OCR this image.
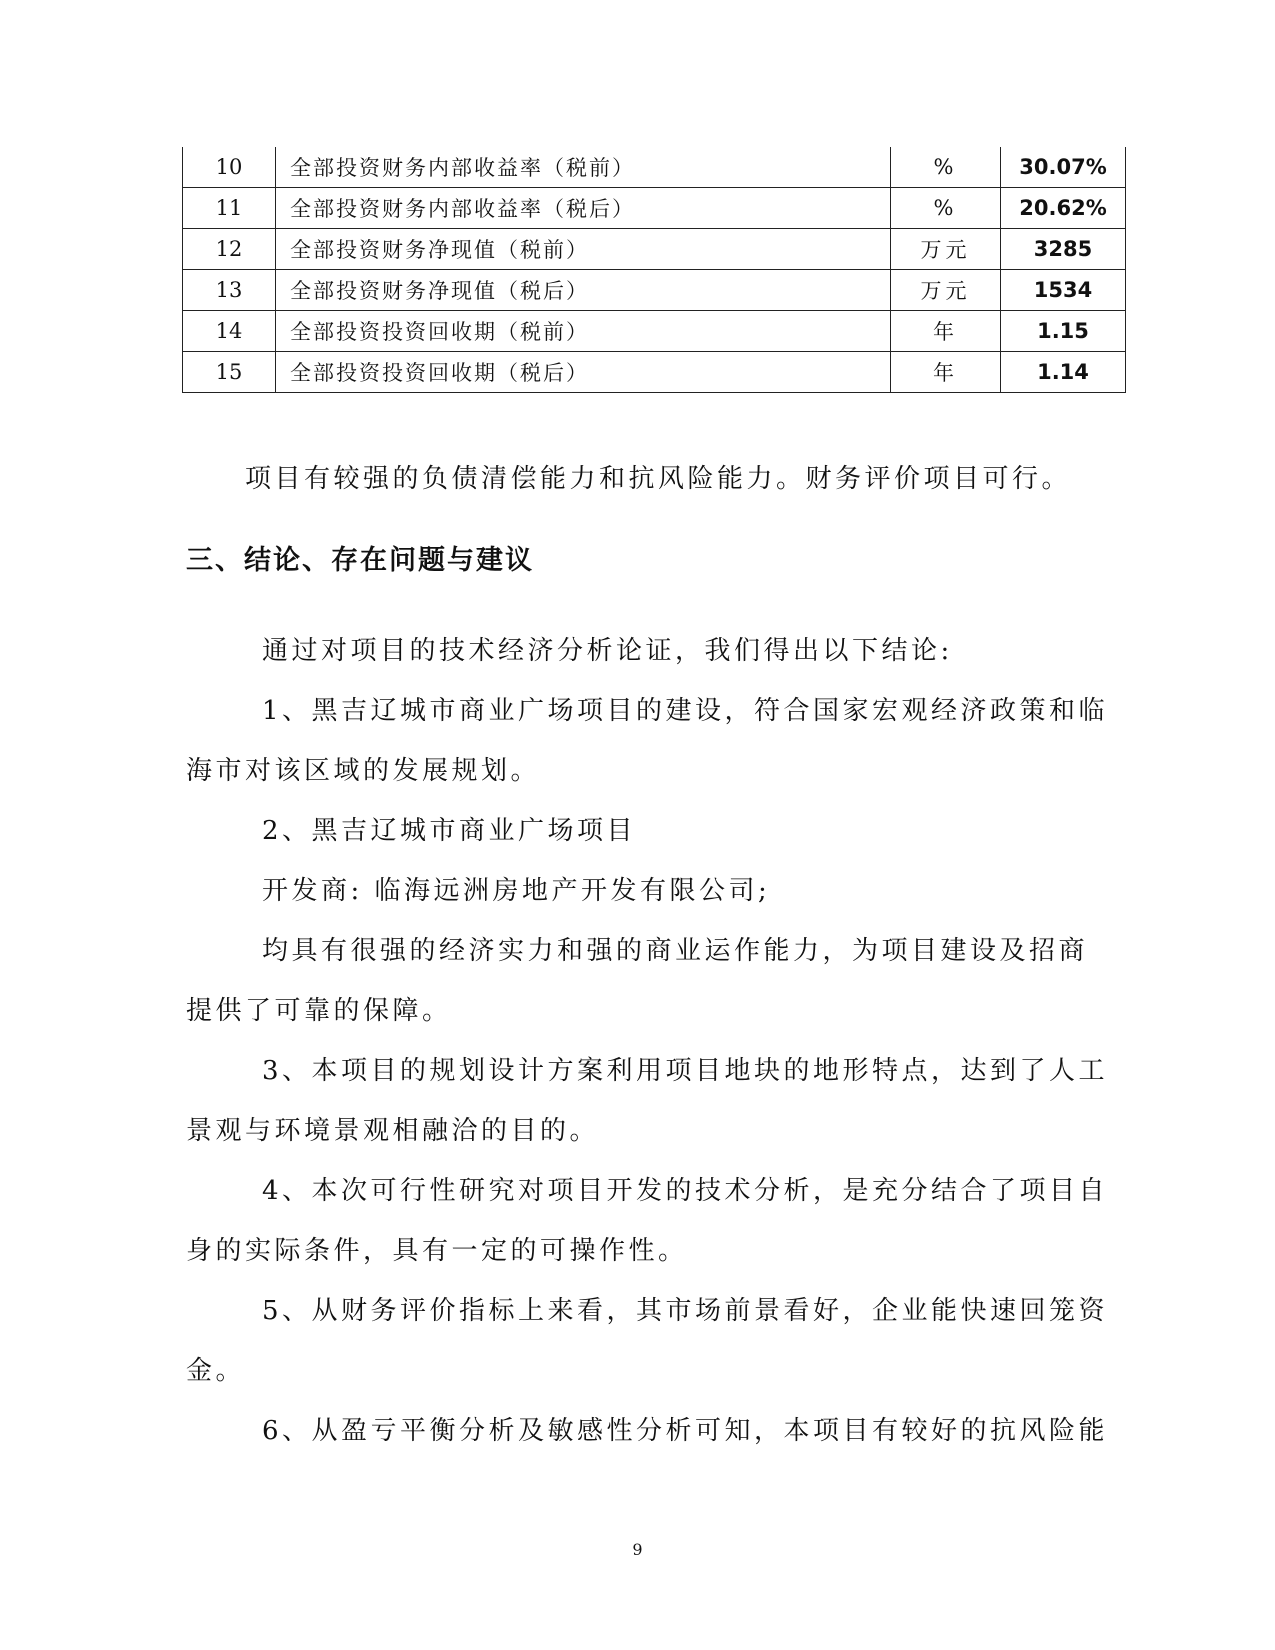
10	全部投资财务内部收益率（税前）	%	30.07%
11	全部投资财务内部收益率（税后）	%	20.62%
12	全部投资财务净现值（税前）	万元	3285
13	全部投资财务净现值（税后）	万元	1534
14	全部投资投资回收期（税前）	年	1.15
15	全部投资投资回收期（税后）	年	1.14

项目有较强的负债清偿能力和抗风险能力。财务评价项目可行。

三、结论、存在问题与建议

通过对项目的技术经济分析论证，我们得出以下结论:

1、黑吉辽城市商业广场项目的建设，符合国家宏观经济政策和临

海市对该区域的发展规划。

2、黑吉辽城市商业广场项目

开发商: 临海远洲房地产开发有限公司;

均具有很强的经济实力和强的商业运作能力，为项目建设及招商

提供了可靠的保障。

3、本项目的规划设计方案利用项目地块的地形特点，达到了人工

景观与环境景观相融洽的目的。

4、本次可行性研究对项目开发的技术分析，是充分结合了项目自

身的实际条件，具有一定的可操作性。

5、从财务评价指标上来看，其市场前景看好，企业能快速回笼资

金。

6、从盈亏平衡分析及敏感性分析可知，本项目有较好的抗风险能

9
